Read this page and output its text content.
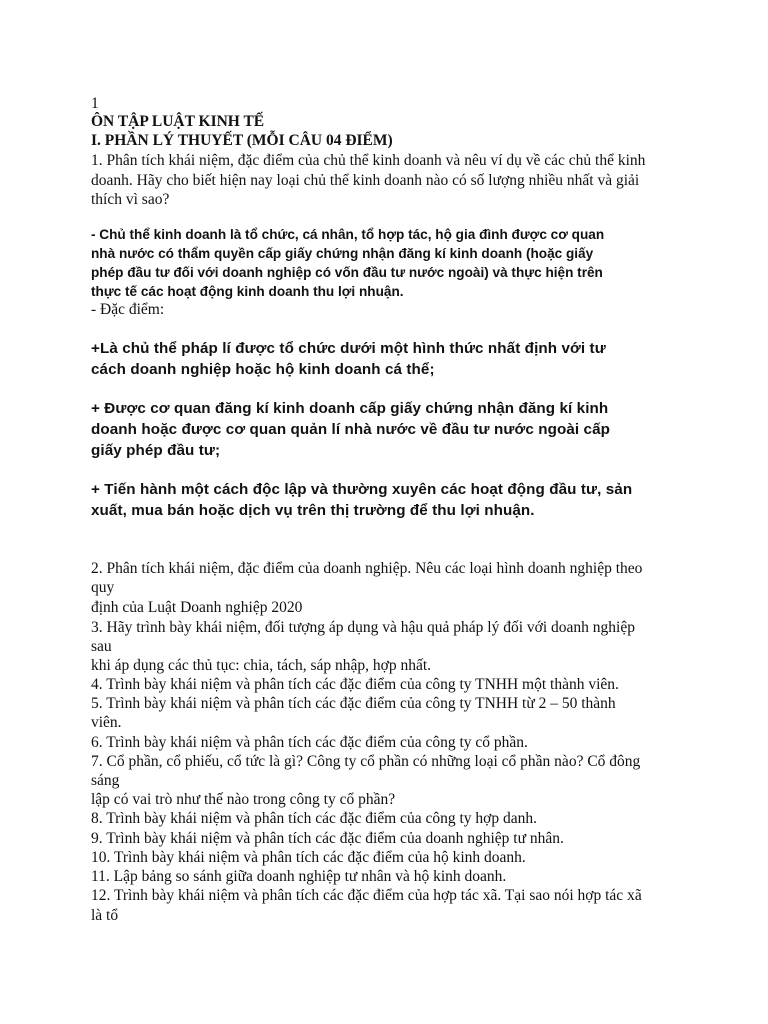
1
ÔN TẬP LUẬT KINH TẾ
I. PHẦN LÝ THUYẾT (MỖI CÂU 04 ĐIỂM)
1. Phân tích khái niệm, đặc điểm của chủ thể kinh doanh và nêu ví dụ về các chủ thể kinh
doanh. Hãy cho biết hiện nay loại chủ thể kinh doanh nào có số lượng nhiều nhất và giải
thích vì sao?
- Chủ thể kinh doanh là tổ chức, cá nhân, tổ hợp tác, hộ gia đình được cơ quan
nhà nước có thẩm quyền cấp giấy chứng nhận đăng kí kinh doanh (hoặc giấy
phép đầu tư đối với doanh nghiệp có vốn đầu tư nước ngoài) và thực hiện trên
thực tế các hoạt động kinh doanh thu lợi nhuận.
- Đặc điểm:
+Là chủ thể pháp lí được tổ chức dưới một hình thức nhất định với tư
cách doanh nghiệp hoặc hộ kinh doanh cá thể;
+ Được cơ quan đăng kí kinh doanh cấp giấy chứng nhận đăng kí kinh
doanh hoặc được cơ quan quản lí nhà nước về đầu tư nước ngoài cấp
giấy phép đầu tư;
+ Tiến hành một cách độc lập và thường xuyên các hoạt động đầu tư, sản
xuất, mua bán hoặc dịch vụ trên thị trường để thu lợi nhuận.
2. Phân tích khái niệm, đặc điểm của doanh nghiệp. Nêu các loại hình doanh nghiệp theo
quy
định của Luật Doanh nghiệp 2020
3. Hãy trình bày khái niệm, đối tượng áp dụng và hậu quả pháp lý đối với doanh nghiệp
sau
khi áp dụng các thủ tục: chia, tách, sáp nhập, hợp nhất.
4. Trình bày khái niệm và phân tích các đặc điểm của công ty TNHH một thành viên.
5. Trình bày khái niệm và phân tích các đặc điểm của công ty TNHH từ 2 – 50 thành
viên.
6. Trình bày khái niệm và phân tích các đặc điểm của công ty cổ phần.
7. Cổ phần, cổ phiếu, cổ tức là gì? Công ty cổ phần có những loại cổ phần nào? Cổ đông
sáng
lập có vai trò như thế nào trong công ty cổ phần?
8. Trình bày khái niệm và phân tích các đặc điểm của công ty hợp danh.
9. Trình bày khái niệm và phân tích các đặc điểm của doanh nghiệp tư nhân.
10. Trình bày khái niệm và phân tích các đặc điểm của hộ kinh doanh.
11. Lập bảng so sánh giữa doanh nghiệp tư nhân và hộ kinh doanh.
12. Trình bày khái niệm và phân tích các đặc điểm của hợp tác xã. Tại sao nói hợp tác xã
là tổ
